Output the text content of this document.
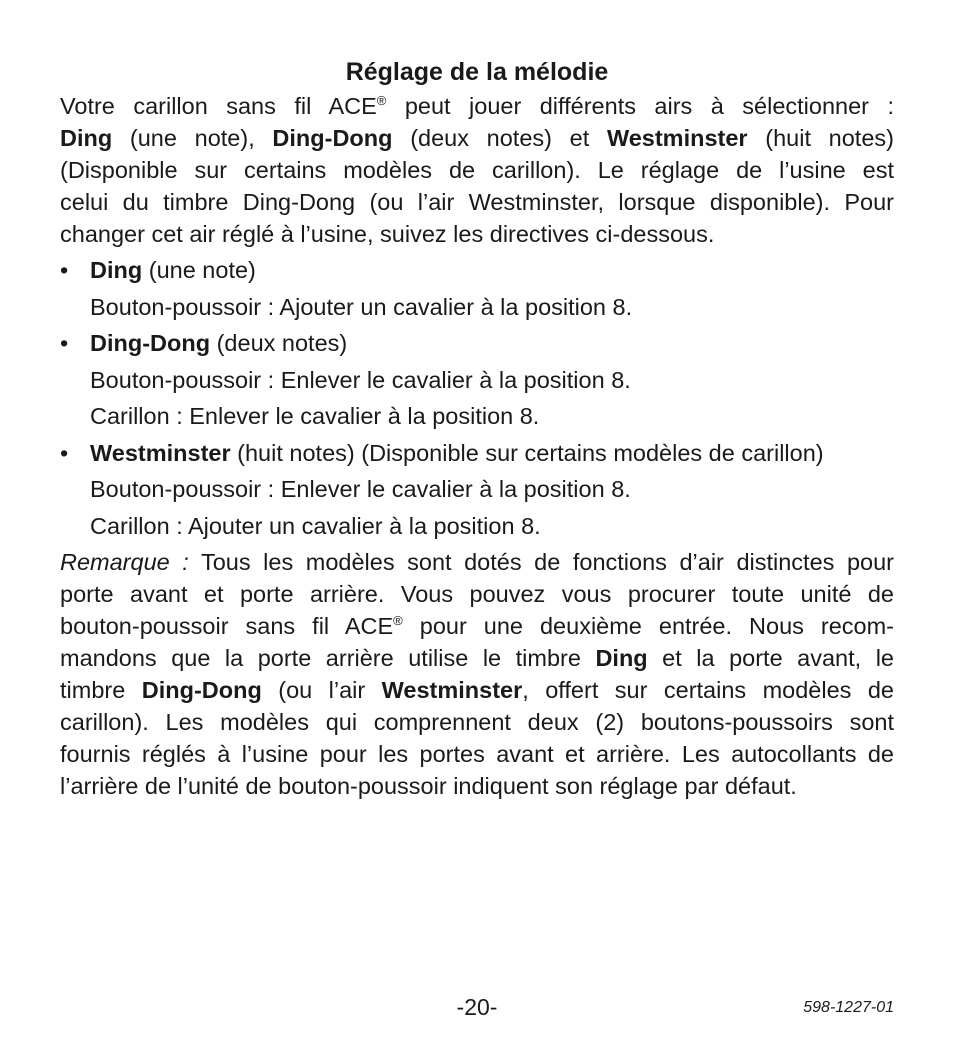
Réglage de la mélodie

Votre carillon sans fil ACE® peut jouer différents airs à sélectionner :
Ding (une note), Ding-Dong (deux notes) et Westminster (huit notes)
(Disponible sur certains modèles de carillon). Le réglage de l’usine est
celui du timbre Ding-Dong (ou l’air Westminster, lorsque disponible). Pour
changer cet air réglé à l’usine, suivez les directives ci-dessous.

• Ding (une note)
Bouton-poussoir : Ajouter un cavalier à la position 8.
• Ding-Dong (deux notes)
Bouton-poussoir : Enlever le cavalier à la position 8.
Carillon : Enlever le cavalier à la position 8.
• Westminster (huit notes) (Disponible sur certains modèles de carillon)
Bouton-poussoir : Enlever le cavalier à la position 8.
Carillon : Ajouter un cavalier à la position 8.

Remarque : Tous les modèles sont dotés de fonctions d’air distinctes pour
porte avant et porte arrière. Vous pouvez vous procurer toute unité de
bouton-poussoir sans fil ACE® pour une deuxième entrée. Nous recom-
mandons que la porte arrière utilise le timbre Ding et la porte avant, le
timbre Ding-Dong (ou l’air Westminster, offert sur certains modèles de
carillon). Les modèles qui comprennent deux (2) boutons-poussoirs sont
fournis réglés à l’usine pour les portes avant et arrière. Les autocollants de
l’arrière de l’unité de bouton-poussoir indiquent son réglage par défaut.

-20-	598-1227-01
